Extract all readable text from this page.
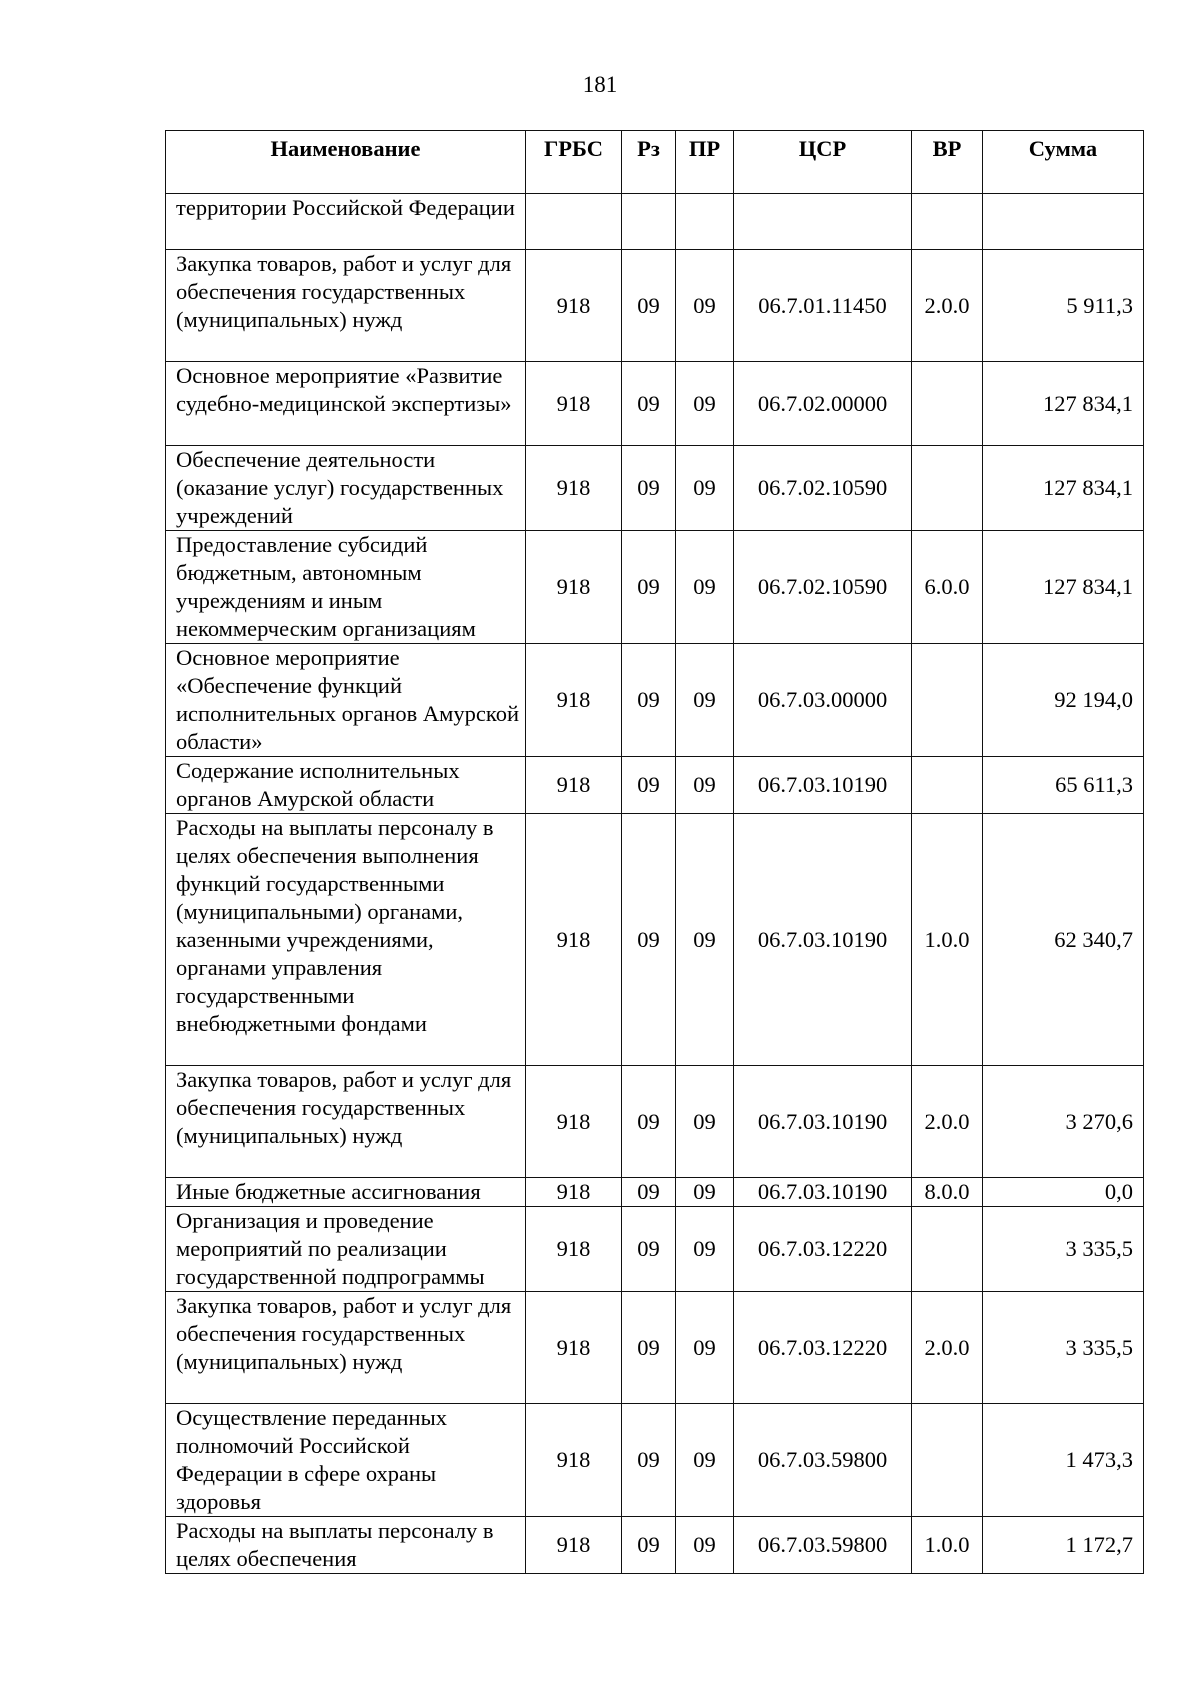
181
Наименование	ГРБС	Рз	ПР	ЦСР	ВР	Сумма
территории Российской Федерации						
Закупка товаров, работ и услуг для обеспечения государственных (муниципальных) нужд	918	09	09	06.7.01.11450	2.0.0	5 911,3
Основное мероприятие «Развитие судебно-медицинской экспертизы»	918	09	09	06.7.02.00000		127 834,1
Обеспечение деятельности (оказание услуг) государственных учреждений	918	09	09	06.7.02.10590		127 834,1
Предоставление субсидий бюджетным, автономным учреждениям и иным некоммерческим организациям	918	09	09	06.7.02.10590	6.0.0	127 834,1
Основное мероприятие «Обеспечение функций исполнительных органов Амурской области»	918	09	09	06.7.03.00000		92 194,0
Содержание исполнительных органов Амурской области	918	09	09	06.7.03.10190		65 611,3
Расходы на выплаты персоналу в целях обеспечения выполнения функций государственными (муниципальными) органами, казенными учреждениями, органами управления государственными внебюджетными фондами	918	09	09	06.7.03.10190	1.0.0	62 340,7
Закупка товаров, работ и услуг для обеспечения государственных (муниципальных) нужд	918	09	09	06.7.03.10190	2.0.0	3 270,6
Иные бюджетные ассигнования	918	09	09	06.7.03.10190	8.0.0	0,0
Организация и проведение мероприятий по реализации государственной подпрограммы	918	09	09	06.7.03.12220		3 335,5
Закупка товаров, работ и услуг для обеспечения государственных (муниципальных) нужд	918	09	09	06.7.03.12220	2.0.0	3 335,5
Осуществление переданных полномочий Российской Федерации в сфере охраны здоровья	918	09	09	06.7.03.59800		1 473,3
Расходы на выплаты персоналу в целях обеспечения	918	09	09	06.7.03.59800	1.0.0	1 172,7
